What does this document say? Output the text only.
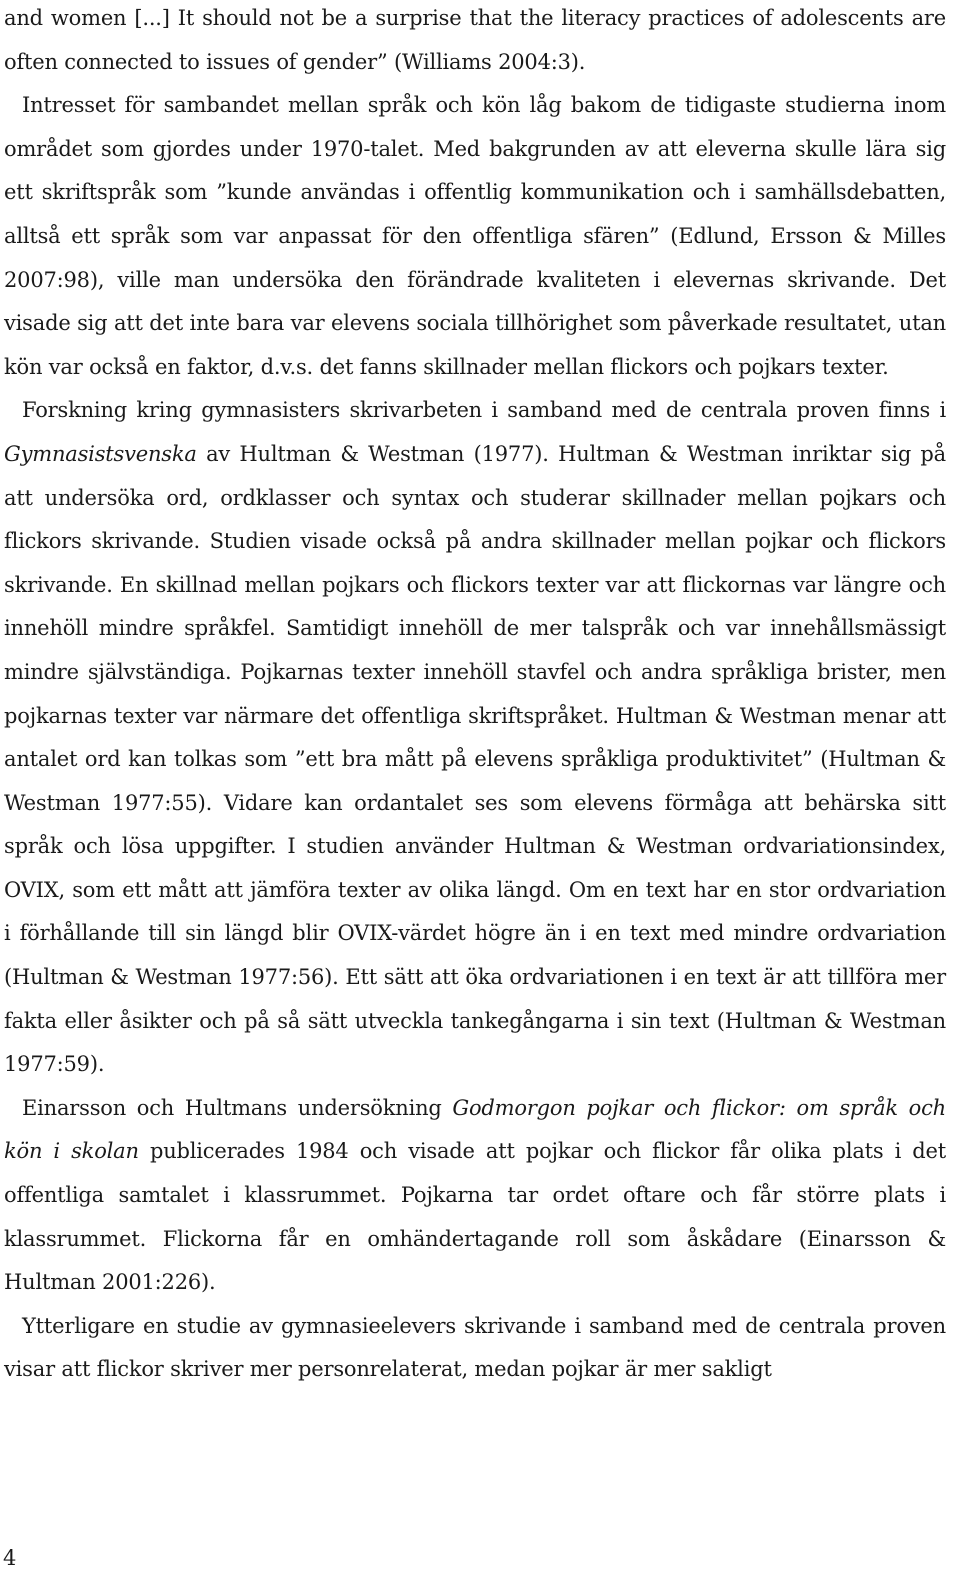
and women [...] It should not be a surprise that the literacy practices of adolescents are often connected to issues of gender” (Williams 2004:3).

Intresset för sambandet mellan språk och kön låg bakom de tidigaste studierna inom området som gjordes under 1970-talet. Med bakgrunden av att eleverna skulle lära sig ett skriftspråk som ”kunde användas i offentlig kommunikation och i samhällsdebatten, alltså ett språk som var anpassat för den offentliga sfären” (Edlund, Ersson & Milles 2007:98), ville man undersöka den förändrade kvaliteten i elevernas skrivande. Det visade sig att det inte bara var elevens sociala tillhörighet som påverkade resultatet, utan kön var också en faktor, d.v.s. det fanns skillnader mellan flickors och pojkars texter.

Forskning kring gymnasisters skrivarbeten i samband med de centrala proven finns i Gymnasistsvenska av Hultman & Westman (1977). Hultman & Westman inriktar sig på att undersöka ord, ordklasser och syntax och studerar skillnader mellan pojkars och flickors skrivande. Studien visade också på andra skillnader mellan pojkar och flickors skrivande. En skillnad mellan pojkars och flickors texter var att flickornas var längre och innehöll mindre språkfel. Samtidigt innehöll de mer talspråk och var innehållsmässigt mindre självständiga. Pojkarnas texter innehöll stavfel och andra språkliga brister, men pojkarnas texter var närmare det offentliga skriftspråket. Hultman & Westman menar att antalet ord kan tolkas som ”ett bra mått på elevens språkliga produktivitet” (Hultman & Westman 1977:55). Vidare kan ordantalet ses som elevens förmåga att behärska sitt språk och lösa uppgifter. I studien använder Hultman & Westman ordvariationsindex, OVIX, som ett mått att jämföra texter av olika längd. Om en text har en stor ordvariation i förhållande till sin längd blir OVIX-värdet högre än i en text med mindre ordvariation (Hultman & Westman 1977:56). Ett sätt att öka ordvariationen i en text är att tillföra mer fakta eller åsikter och på så sätt utveckla tankegångarna i sin text (Hultman & Westman 1977:59).

Einarsson och Hultmans undersökning Godmorgon pojkar och flickor: om språk och kön i skolan publicerades 1984 och visade att pojkar och flickor får olika plats i det offentliga samtalet i klassrummet. Pojkarna tar ordet oftare och får större plats i klassrummet. Flickorna får en omhändertagande roll som åskådare (Einarsson & Hultman 2001:226).

Ytterligare en studie av gymnasieelevers skrivande i samband med de centrala proven visar att flickor skriver mer personrelaterat, medan pojkar är mer sakligt

4
